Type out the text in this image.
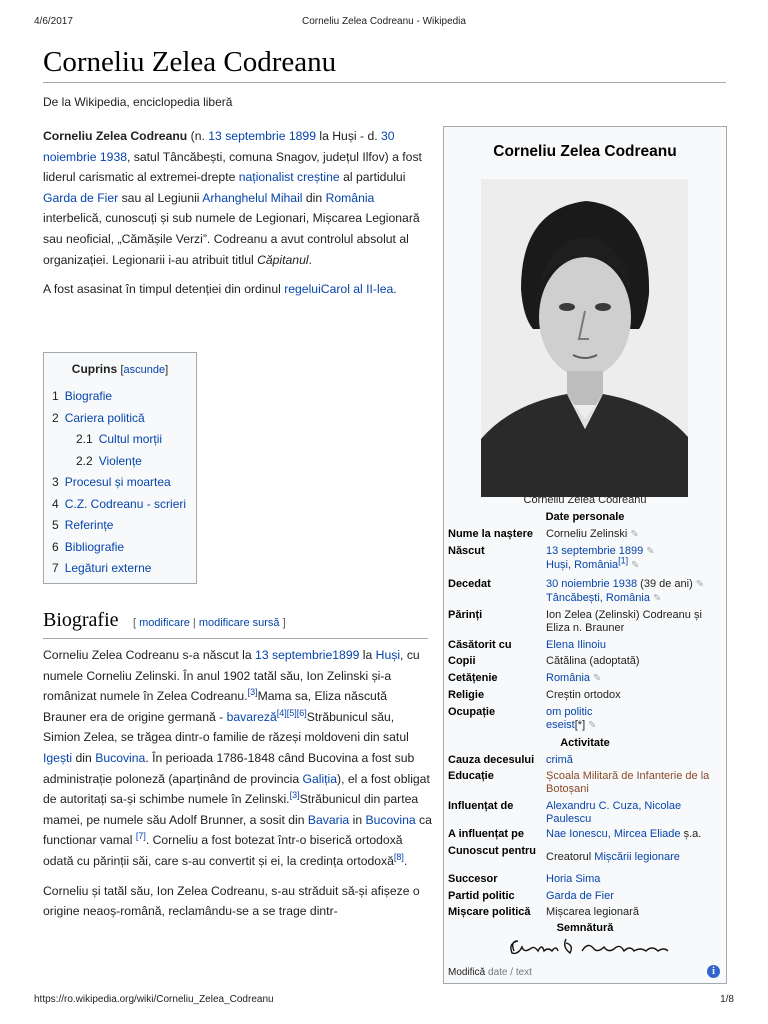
4/6/2017	Corneliu Zelea Codreanu - Wikipedia
Corneliu Zelea Codreanu
De la Wikipedia, enciclopedia liberă

Corneliu Zelea Codreanu (n. 13 septembrie 1899 la Huși - d. 30 noiembrie 1938, satul Tâncăbești, comuna Snagov, județul Ilfov) a fost liderul carismatic al extremei-drepte naționalist creștine al partidului Garda de Fier sau al Legiunii Arhanghelul Mihail din România interbelică, cunoscuți și sub numele de Legionari, Mișcarea Legionară sau neoficial, „Cămășile Verzi”. Codreanu a avut controlul absolut al organizației. Legionarii i-au atribuit titlul Căpitanul.

A fost asasinat în timpul detenției din ordinul regeluiCarol al II-lea.

Cuprins [ascunde]
1 Biografie
2 Cariera politică
2.1 Cultul morții
2.2 Violențe
3 Procesul și moartea
4 C.Z. Codreanu - scrieri
5 Referințe
6 Bibliografie
7 Legături externe
Biografie [ modificare | modificare sursă ]

Corneliu Zelea Codreanu s-a născut la 13 septembrie1899 la Huși, cu numele Corneliu Zelinski. În anul 1902 tatăl său, Ion Zelinski și-a românizat numele în Zelea Codreanu.[3]Mama sa, Eliza născută Brauner era de origine germană - bavareză[4][5][6]Străbunicul său, Simion Zelea, se trăgea dintr-o familie de răzeși moldoveni din satul Igești din Bucovina. În perioada 1786-1848 când Bucovina a fost sub administrație poloneză (aparținând de provincia Galiția), el a fost obligat de autoritați sa-și schimbe numele în Zelinski.[3]Străbunicul din partea mamei, pe numele său Adolf Brunner, a sosit din Bavaria in Bucovina ca functionar vamal [7]. Corneliu a fost botezat într-o biserică ortodoxă odată cu părinții săi, care s-au convertit și ei, la credința ortodoxă[8].

Corneliu și tatăl său, Ion Zelea Codreanu, s-au străduit să-și afișeze o origine neaoș-română, reclamându-se a se trage dintr-

Corneliu Zelea Codreanu
Corneliu Zelea Codreanu
Date personale
Nume la naștere	Corneliu Zelinski ✎
Născut	13 septembrie 1899 ✎
Huși, România[1] ✎
Decedat	30 noiembrie 1938 (39 de ani) ✎
Tâncăbești, România ✎
Părinți	Ion Zelea (Zelinski) Codreanu și Eliza n. Brauner
Căsătorit cu	Elena Ilinoiu
Copii	Cătălina (adoptată)
Cetățenie	România ✎
Religie	Creștin ortodox
Ocupație	om politic
eseist[*] ✎
Activitate
Cauza decesului	crimă
Educație	Școala Militară de Infanterie de la Botoșani
Influențat de	Alexandru C. Cuza, Nicolae Paulescu
A influențat pe	Nae Ionescu, Mircea Eliade ș.a.
Cunoscut pentru Creatorul Mișcării legionare
Succesor	Horia Sima
Partid politic	Garda de Fier
Mișcare politică	Mișcarea legionară
Semnătură
Modifică date / text	i
https://ro.wikipedia.org/wiki/Corneliu_Zelea_Codreanu	1/8
